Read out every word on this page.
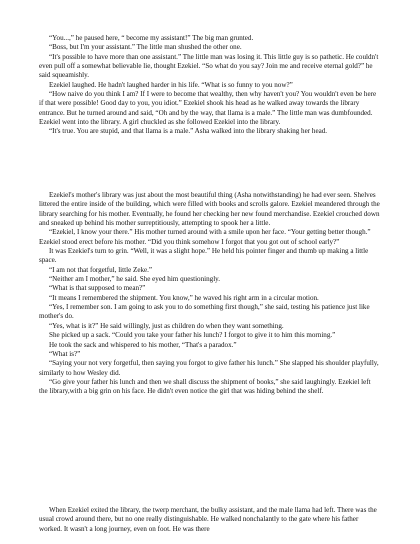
“You...,” he paused here, “ become my assistant!” The big man grunted.

“Boss, but I'm your assistant.” The little man shushed the other one.

“It's possible to have more than one assistant.” The little man was losing it. This little guy is so pathetic. He couldn't even pull off a somewhat believable lie, thought Ezekiel. “So what do you say? Join me and receive eternal gold?” he said squeamishly.

Ezekiel laughed. He hadn't laughed harder in his life. “What is so funny to you now?”

“How naive do you think I am? If I were to become that wealthy, then why haven't you? You wouldn't even be here if that were possible! Good day to you, you idiot.” Ezekiel shook his head as he walked away towards the library entrance. But he turned around and said, “Oh and by the way, that llama is a male.” The little man was dumbfounded. Ezekiel went into the library. A girl chuckled as she followed Ezekiel into the library.

“It's true. You are stupid, and that llama is a male.” Asha walked into the library shaking her head.

Ezekiel's mother's library was just about the most beautiful thing (Asha notwithstanding) he had ever seen. Shelves littered the entire inside of the building, which were filled with books and scrolls galore. Ezekiel meandered through the library searching for his mother. Eventually, he found her checking her new found merchandise. Ezekiel crouched down and sneaked up behind his mother surreptitiously, attempting to spook her a little.

“Ezekiel, I know your there.” His mother turned around with a smile upon her face. “Your getting better though.” Ezekiel stood erect before his mother. “Did you think somehow I forgot that you got out of school early?”

It was Ezekiel's turn to grin. “Well, it was a slight hope.” He held his pointer finger and thumb up making a little space.

“I am not that forgetful, little Zeke.”

“Neither am I mother,” he said. She eyed him questioningly.

“What is that supposed to mean?”

“It means I remembered the shipment. You know,” he waved his right arm in a circular motion.

“Yes, I remember son. I am going to ask you to do something first though,” she said, testing his patience just like mother's do.

“Yes, what is it?” He said willingly, just as children do when they want something.

She picked up a sack. “Could you take your father his lunch? I forgot to give it to him this morning.”

He took the sack and whispered to his mother, “That's a paradox.”

“What is?”

“Saying your not very forgetful, then saying you forgot to give father his lunch.” She slapped his shoulder playfully, similarly to how Wesley did.

“Go give your father his lunch and then we shall discuss the shipment of books,” she said laughingly. Ezekiel left the library,with a big grin on his face. He didn't even notice the girl that was hiding behind the shelf.

When Ezekiel exited the library, the twerp merchant, the bulky assistant, and the male llama had left. There was the usual crowd around there, but no one really distinguishable. He walked nonchalantly to the gate where his father worked. It wasn't a long journey, even on foot. He was there
